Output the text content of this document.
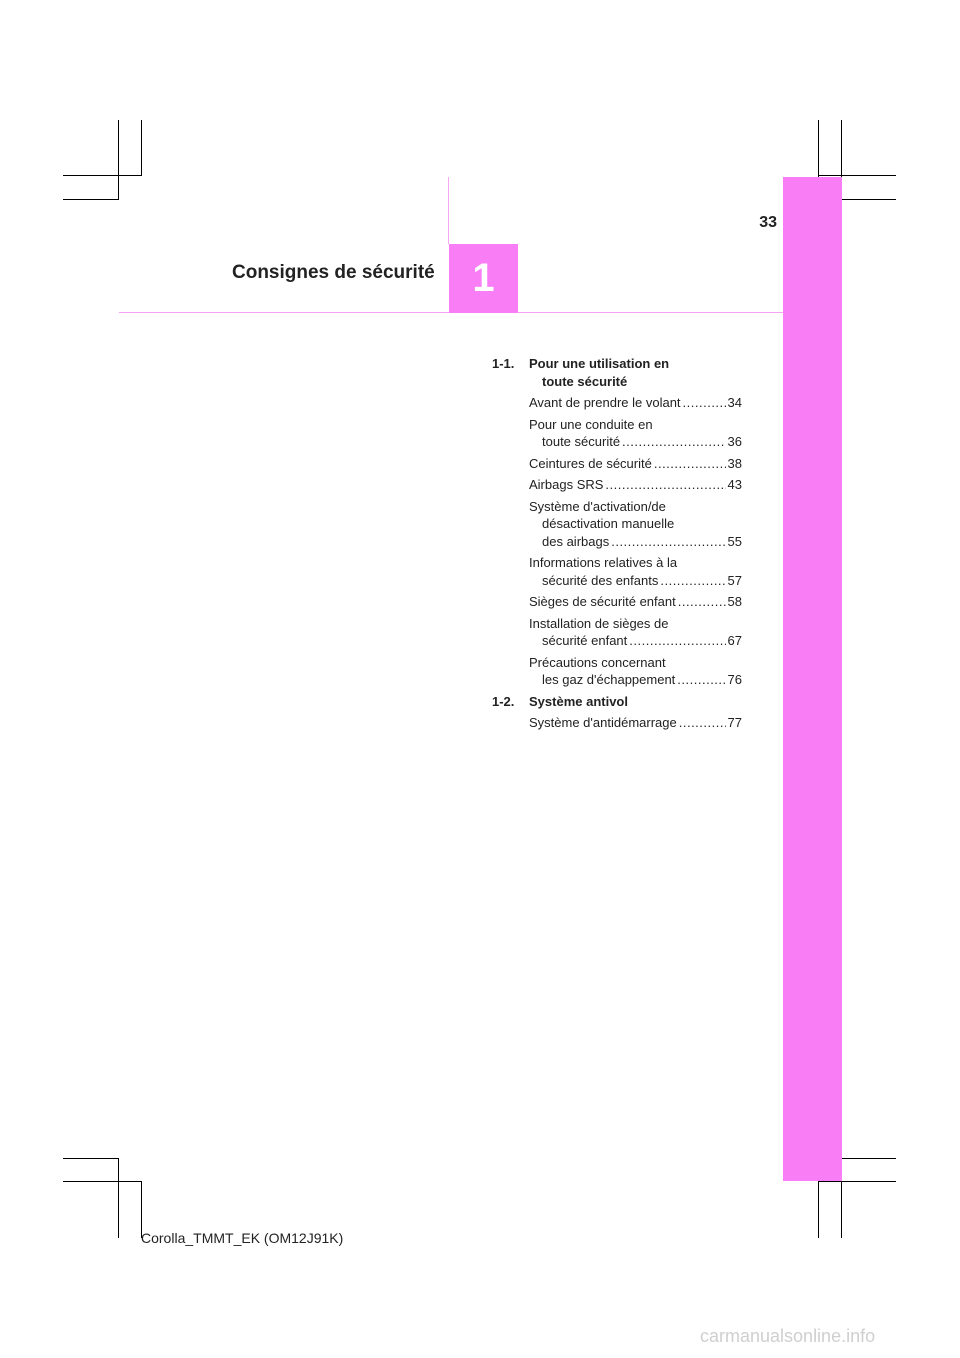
1
33
Consignes de sécurité
1-1. Pour une utilisation en
toute sécurité
Avant de prendre le volant .....	34
Pour une conduite en
toute sécurité .....	36
Ceintures de sécurité .....	38
Airbags SRS .....	43
Système d'activation/de
désactivation manuelle
des airbags .....	55
Informations relatives à la
sécurité des enfants .....	57
Sièges de sécurité enfant .....	58
Installation de sièges de
sécurité enfant .....	67
Précautions concernant
les gaz d'échappement .....	76
1-2. Système antivol
Système d'antidémarrage .....	77
Corolla_TMMT_EK (OM12J91K)
carmanualsonline.info
